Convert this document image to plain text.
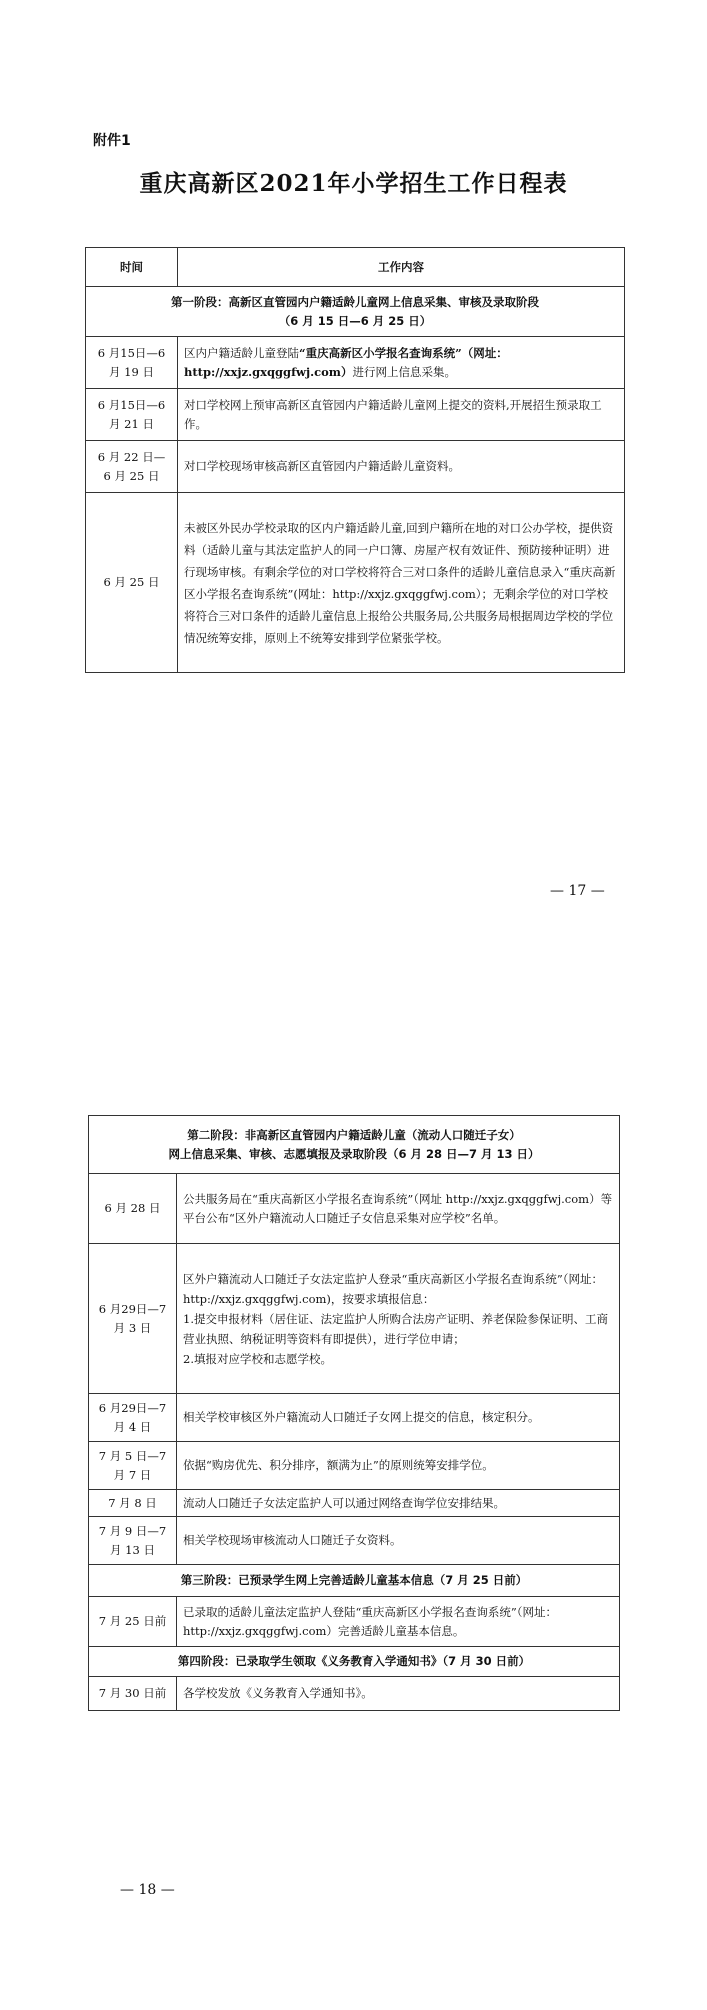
附件1
重庆高新区2021年小学招生工作日程表
时间	工作内容
第一阶段：高新区直管园内户籍适龄儿童网上信息采集、审核及录取阶段
（6 月 15 日—6 月 25 日）	
6 月15日—6
月 19 日	区内户籍适龄儿童登陆“重庆高新区小学报名查询系统”（网址：http://xxjz.gxqggfwj.com）进行网上信息采集。
6 月15日—6
月 21 日	对口学校网上预审高新区直管园内户籍适龄儿童网上提交的资料,开展招生预录取工作。
6 月 22 日—
6 月 25 日	对口学校现场审核高新区直管园内户籍适龄儿童资料。
6 月 25 日	未被区外民办学校录取的区内户籍适龄儿童,回到户籍所在地的对口公办学校，提供资料（适龄儿童与其法定监护人的同一户口簿、房屋产权有效证件、预防接种证明）进行现场审核。有剩余学位的对口学校将符合三对口条件的适龄儿童信息录入“重庆高新区小学报名查询系统”(网址：http://xxjz.gxqggfwj.com）；无剩余学位的对口学校将符合三对口条件的适龄儿童信息上报给公共服务局,公共服务局根据周边学校的学位情况统筹安排，原则上不统筹安排到学位紧张学校。
— 17 —
第二阶段：非高新区直管园内户籍适龄儿童（流动人口随迁子女）
网上信息采集、审核、志愿填报及录取阶段（6 月 28 日—7 月 13 日）	
6 月 28 日	公共服务局在“重庆高新区小学报名查询系统”（网址 http://xxjz.gxqggfwj.com）等平台公布“区外户籍流动人口随迁子女信息采集对应学校”名单。
6 月29日—7
月 3 日	区外户籍流动人口随迁子女法定监护人登录“重庆高新区小学报名查询系统”（网址：http://xxjz.gxqggfwj.com)，按要求填报信息：
1.提交申报材料（居住证、法定监护人所购合法房产证明、养老保险参保证明、工商营业执照、纳税证明等资料有即提供），进行学位申请；
2.填报对应学校和志愿学校。
6 月29日—7
月 4 日	相关学校审核区外户籍流动人口随迁子女网上提交的信息，核定积分。
7 月 5 日—7
月 7 日	依据“购房优先、积分排序，额满为止”的原则统筹安排学位。
7 月 8 日	流动人口随迁子女法定监护人可以通过网络查询学位安排结果。
7 月 9 日—7
月 13 日	相关学校现场审核流动人口随迁子女资料。
第三阶段：已预录学生网上完善适龄儿童基本信息（7 月 25 日前）	
7 月 25 日前	已录取的适龄儿童法定监护人登陆“重庆高新区小学报名查询系统”（网址：http://xxjz.gxqggfwj.com）完善适龄儿童基本信息。
第四阶段：已录取学生领取《义务教育入学通知书》（7 月 30 日前）	
7 月 30 日前	各学校发放《义务教育入学通知书》。
— 18 —
